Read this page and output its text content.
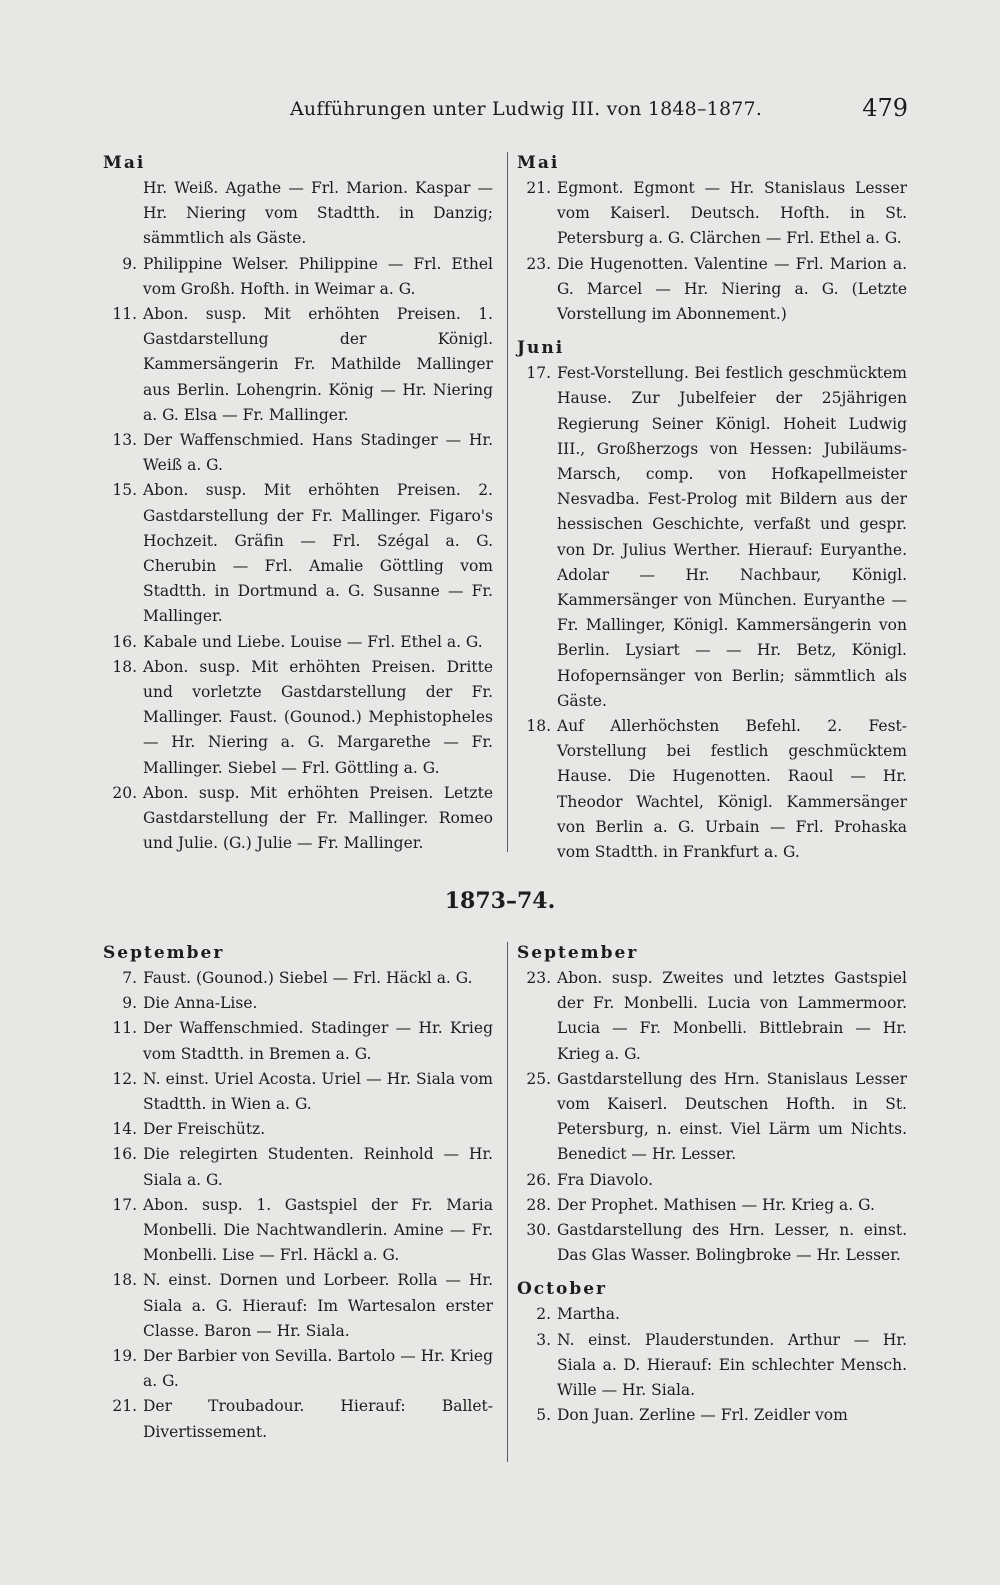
Aufführungen unter Ludwig III. von 1848–1877.	479
Mai
Hr. Weiß. Agathe — Frl. Marion. Kaspar — Hr. Niering vom Stadtth. in Danzig; sämmtlich als Gäste.
9. Philippine Welser. Philippine — Frl. Ethel vom Großh. Hofth. in Weimar a. G.
11. Abon. susp. Mit erhöhten Preisen. 1. Gastdarstellung der Königl. Kammersängerin Fr. Mathilde Mallinger aus Berlin. Lohengrin. König — Hr. Niering a. G. Elsa — Fr. Mallinger.
13. Der Waffenschmied. Hans Stadinger — Hr. Weiß a. G.
15. Abon. susp. Mit erhöhten Preisen. 2. Gastdarstellung der Fr. Mallinger. Figaro's Hochzeit. Gräfin — Frl. Szégal a. G. Cherubin — Frl. Amalie Göttling vom Stadtth. in Dortmund a. G. Susanne — Fr. Mallinger.
16. Kabale und Liebe. Louise — Frl. Ethel a. G.
18. Abon. susp. Mit erhöhten Preisen. Dritte und vorletzte Gastdarstellung der Fr. Mallinger. Faust. (Gounod.) Mephistopheles — Hr. Niering a. G. Margarethe — Fr. Mallinger. Siebel — Frl. Göttling a. G.
20. Abon. susp. Mit erhöhten Preisen. Letzte Gastdarstellung der Fr. Mallinger. Romeo und Julie. (G.) Julie — Fr. Mallinger.
Mai
21. Egmont. Egmont — Hr. Stanislaus Lesser vom Kaiserl. Deutsch. Hofth. in St. Petersburg a. G. Clärchen — Frl. Ethel a. G.
23. Die Hugenotten. Valentine — Frl. Marion a. G. Marcel — Hr. Niering a. G. (Letzte Vorstellung im Abonnement.)
Juni
17. Fest-Vorstellung. Bei festlich geschmücktem Hause. Zur Jubelfeier der 25jährigen Regierung Seiner Königl. Hoheit Ludwig III., Großherzogs von Hessen: Jubiläums-Marsch, comp. von Hofkapellmeister Nesvadba. Fest-Prolog mit Bildern aus der hessischen Geschichte, verfaßt und gespr. von Dr. Julius Werther. Hierauf: Euryanthe. Adolar — Hr. Nachbaur, Königl. Kammersänger von München. Euryanthe — Fr. Mallinger, Königl. Kammersängerin von Berlin. Lysiart — — Hr. Betz, Königl. Hofopernsänger von Berlin; sämmtlich als Gäste.
18. Auf Allerhöchsten Befehl. 2. Fest-Vorstellung bei festlich geschmücktem Hause. Die Hugenotten. Raoul — Hr. Theodor Wachtel, Königl. Kammersänger von Berlin a. G. Urbain — Frl. Prohaska vom Stadtth. in Frankfurt a. G.
1873–74.
September
7. Faust. (Gounod.) Siebel — Frl. Häckl a. G.
9. Die Anna-Lise.
11. Der Waffenschmied. Stadinger — Hr. Krieg vom Stadtth. in Bremen a. G.
12. N. einst. Uriel Acosta. Uriel — Hr. Siala vom Stadtth. in Wien a. G.
14. Der Freischütz.
16. Die relegirten Studenten. Reinhold — Hr. Siala a. G.
17. Abon. susp. 1. Gastspiel der Fr. Maria Monbelli. Die Nachtwandlerin. Amine — Fr. Monbelli. Lise — Frl. Häckl a. G.
18. N. einst. Dornen und Lorbeer. Rolla — Hr. Siala a. G. Hierauf: Im Wartesalon erster Classe. Baron — Hr. Siala.
19. Der Barbier von Sevilla. Bartolo — Hr. Krieg a. G.
21. Der Troubadour. Hierauf: Ballet-Divertissement.
September
23. Abon. susp. Zweites und letztes Gastspiel der Fr. Monbelli. Lucia von Lammermoor. Lucia — Fr. Monbelli. Bittlebrain — Hr. Krieg a. G.
25. Gastdarstellung des Hrn. Stanislaus Lesser vom Kaiserl. Deutschen Hofth. in St. Petersburg, n. einst. Viel Lärm um Nichts. Benedict — Hr. Lesser.
26. Fra Diavolo.
28. Der Prophet. Mathisen — Hr. Krieg a. G.
30. Gastdarstellung des Hrn. Lesser, n. einst. Das Glas Wasser. Bolingbroke — Hr. Lesser.
October
2. Martha.
3. N. einst. Plauderstunden. Arthur — Hr. Siala a. D. Hierauf: Ein schlechter Mensch. Wille — Hr. Siala.
5. Don Juan. Zerline — Frl. Zeidler vom
